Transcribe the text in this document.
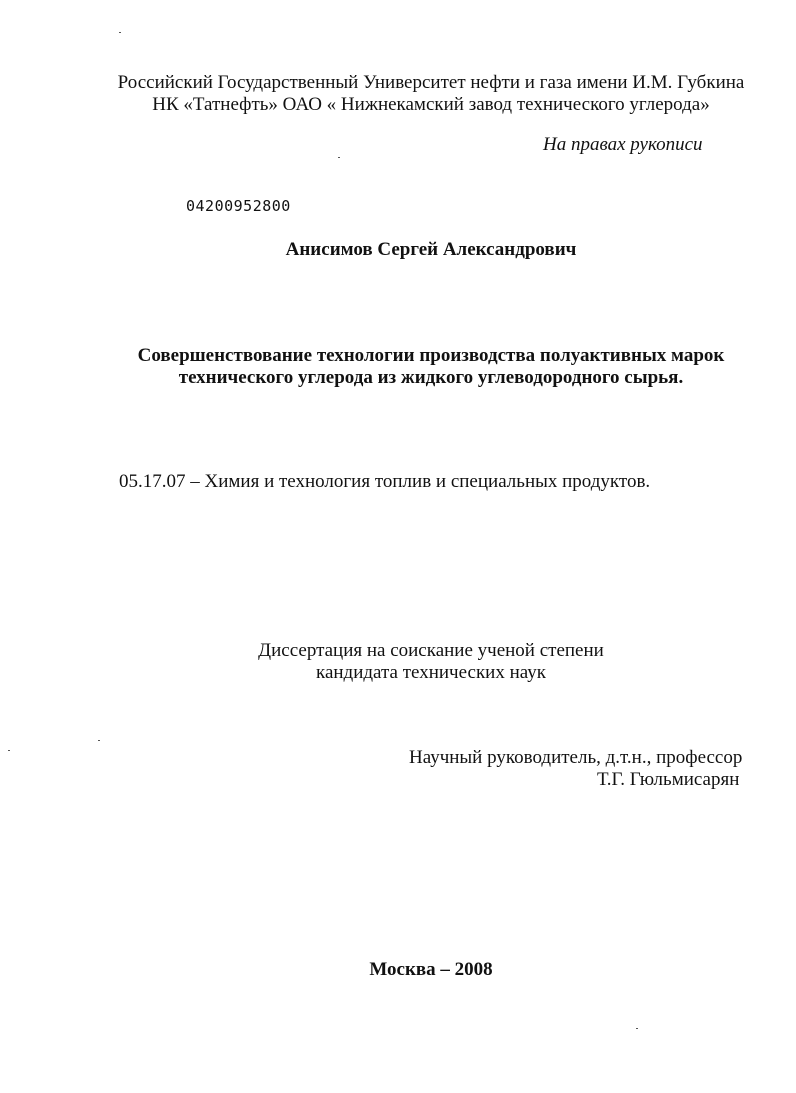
Российский Государственный Университет нефти и газа имени И.М. Губкина
НК «Татнефть» ОАО « Нижнекамский завод технического углерода»
На правах рукописи
04200952800
Анисимов Сергей Александрович
Совершенствование технологии производства полуактивных марок
технического углерода из жидкого углеводородного сырья.
05.17.07 – Химия и технология топлив и специальных продуктов.
Диссертация на соискание ученой степени
кандидата технических наук
Научный руководитель, д.т.н., профессор
Т.Г. Гюльмисарян
Москва – 2008
